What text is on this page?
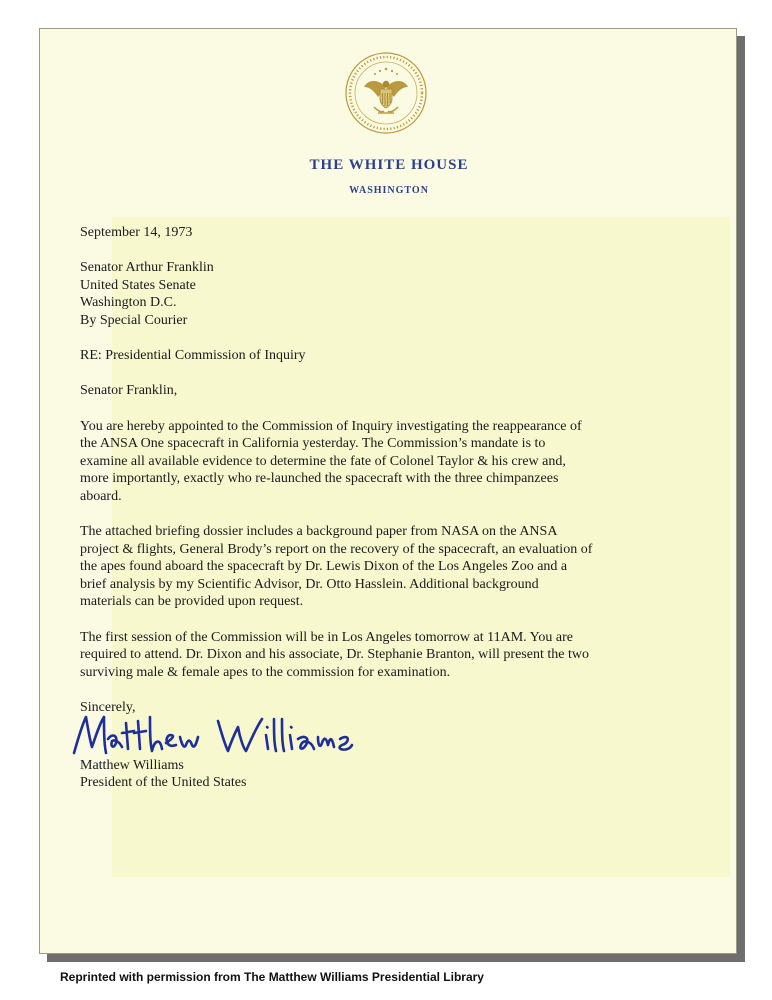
THE WHITE HOUSE
WASHINGTON

September 14, 1973

Senator Arthur Franklin

United States Senate

Washington D.C.

By Special Courier

RE: Presidential Commission of Inquiry

Senator Franklin,

You are hereby appointed to the Commission of Inquiry investigating the reappearance of

the ANSA One spacecraft in California yesterday. The Commission’s mandate is to

examine all available evidence to determine the fate of Colonel Taylor & his crew and,

more importantly, exactly who re-launched the spacecraft with the three chimpanzees

aboard.

The attached briefing dossier includes a background paper from NASA on the ANSA

project & flights, General Brody’s report on the recovery of the spacecraft, an evaluation of

the apes found aboard the spacecraft by Dr. Lewis Dixon of the Los Angeles Zoo and a

brief analysis by my Scientific Advisor, Dr. Otto Hasslein. Additional background

materials can be provided upon request.

The first session of the Commission will be in Los Angeles tomorrow at 11AM. You are

required to attend. Dr. Dixon and his associate, Dr. Stephanie Branton, will present the two

surviving male & female apes to the commission for examination.

Sincerely,

Matthew Williams

President of the United States

Reprinted with permission from The Matthew Williams Presidential Library
